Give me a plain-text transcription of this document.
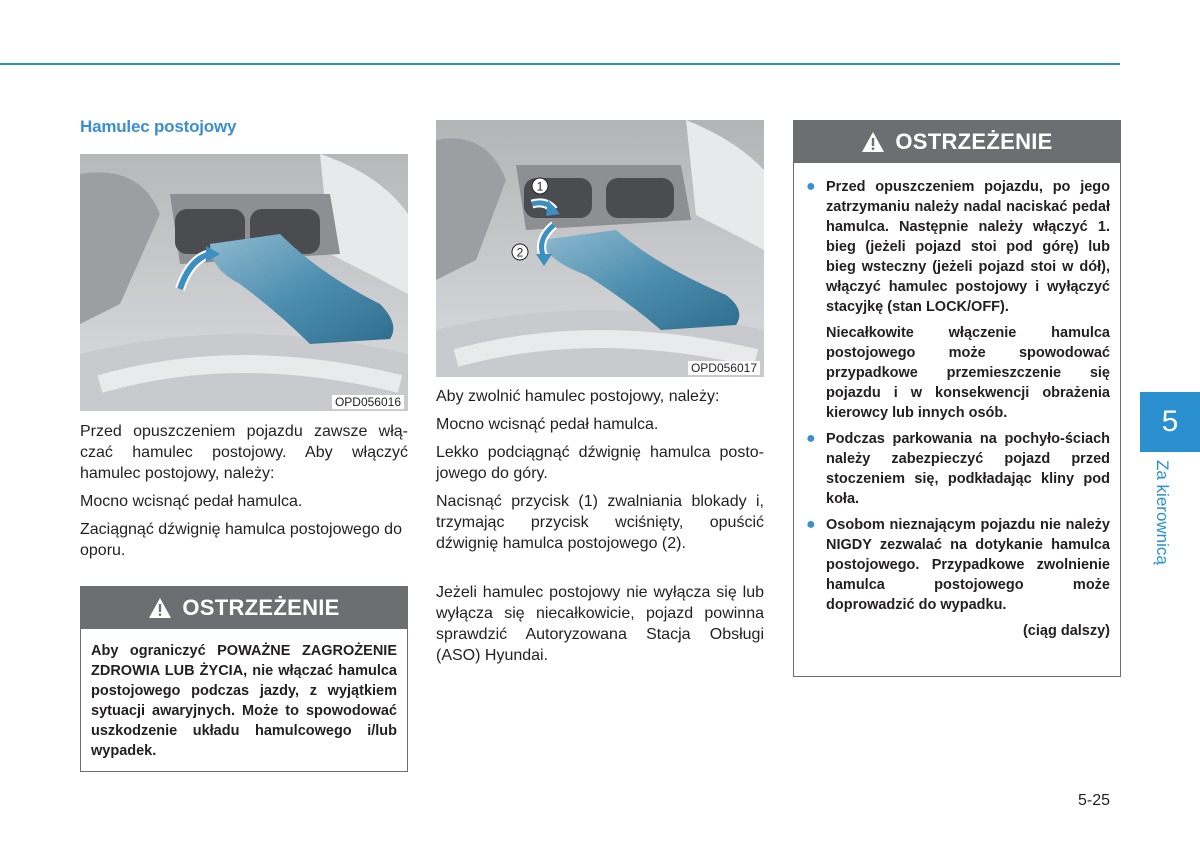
Hamulec postojowy
OPD056016

Przed opuszczeniem pojazdu zawsze włą-czać hamulec postojowy. Aby włączyć hamulec postojowy, należy:

Mocno wcisnąć pedał hamulca.

Zaciągnąć dźwignię hamulca postojowego do oporu.

OSTRZEŻENIE
Aby ograniczyć POWAŻNE ZAGROŻENIE ZDROWIA LUB ŻYCIA, nie włączać hamulca postojowego podczas jazdy, z wyjątkiem sytuacji awaryjnych. Może to spowodować uszkodzenie układu hamulcowego i/lub wypadek.
1
2
OPD056017

Aby zwolnić hamulec postojowy, należy:

Mocno wcisnąć pedał hamulca.

Lekko podciągnąć dźwignię hamulca posto-jowego do góry.

Nacisnąć przycisk (1) zwalniania blokady i, trzymając przycisk wciśnięty, opuścić dźwignię hamulca postojowego (2).

Jeżeli hamulec postojowy nie wyłącza się lub wyłącza się niecałkowicie, pojazd powinna sprawdzić Autoryzowana Stacja Obsługi (ASO) Hyundai.

OSTRZEŻENIE
● Przed opuszczeniem pojazdu, po jego zatrzymaniu należy nadal naciskać pedał hamulca. Następnie należy włączyć 1. bieg (jeżeli pojazd stoi pod górę) lub bieg wsteczny (jeżeli pojazd stoi w dół), włączyć hamulec postojowy i wyłączyć stacyjkę (stan LOCK/OFF).
Niecałkowite włączenie hamulca postojowego może spowodować przypadkowe przemieszczenie się pojazdu i w konsekwencji obrażenia kierowcy lub innych osób.
● Podczas parkowania na pochyło-ściach należy zabezpieczyć pojazd przed stoczeniem się, podkładając kliny pod koła.
● Osobom nieznającym pojazdu nie należy NIGDY zezwalać na dotykanie hamulca postojowego. Przypadkowe zwolnienie hamulca postojowego może doprowadzić do wypadku.
(ciąg dalszy)
5
Za kierownicą
5-25
